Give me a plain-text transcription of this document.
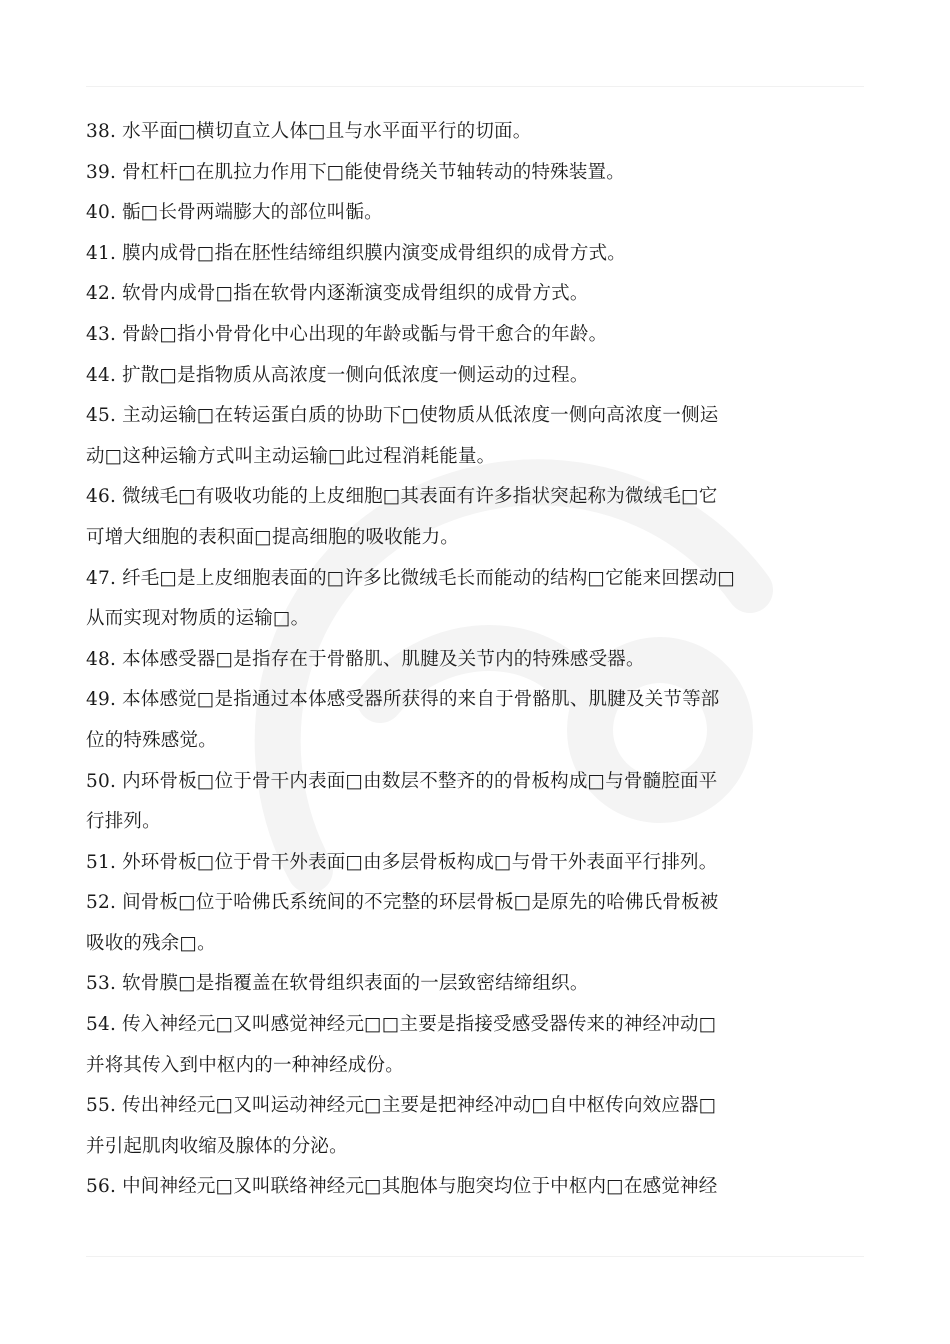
38. 水平面□横切直立人体□且与水平面平行的切面。
39. 骨杠杆□在肌拉力作用下□能使骨绕关节轴转动的特殊装置。
40. 骺□长骨两端膨大的部位叫骺。
41. 膜内成骨□指在胚性结缔组织膜内演变成骨组织的成骨方式。
42. 软骨内成骨□指在软骨内逐渐演变成骨组织的成骨方式。
43. 骨龄□指小骨骨化中心出现的年龄或骺与骨干愈合的年龄。
44. 扩散□是指物质从高浓度一侧向低浓度一侧运动的过程。
45. 主动运输□在转运蛋白质的协助下□使物质从低浓度一侧向高浓度一侧运
动□这种运输方式叫主动运输□此过程消耗能量。
46. 微绒毛□有吸收功能的上皮细胞□其表面有许多指状突起称为微绒毛□它
可增大细胞的表积面□提高细胞的吸收能力。
47. 纤毛□是上皮细胞表面的□许多比微绒毛长而能动的结构□它能来回摆动□
从而实现对物质的运输□。
48. 本体感受器□是指存在于骨骼肌、肌腱及关节内的特殊感受器。
49. 本体感觉□是指通过本体感受器所获得的来自于骨骼肌、肌腱及关节等部
位的特殊感觉。
50. 内环骨板□位于骨干内表面□由数层不整齐的的骨板构成□与骨髓腔面平
行排列。
51. 外环骨板□位于骨干外表面□由多层骨板构成□与骨干外表面平行排列。
52. 间骨板□位于哈佛氏系统间的不完整的环层骨板□是原先的哈佛氏骨板被
吸收的残余□。
53. 软骨膜□是指覆盖在软骨组织表面的一层致密结缔组织。
54. 传入神经元□又叫感觉神经元□□主要是指接受感受器传来的神经冲动□
并将其传入到中枢内的一种神经成份。
55. 传出神经元□又叫运动神经元□主要是把神经冲动□自中枢传向效应器□
并引起肌肉收缩及腺体的分泌。
56. 中间神经元□又叫联络神经元□其胞体与胞突均位于中枢内□在感觉神经
